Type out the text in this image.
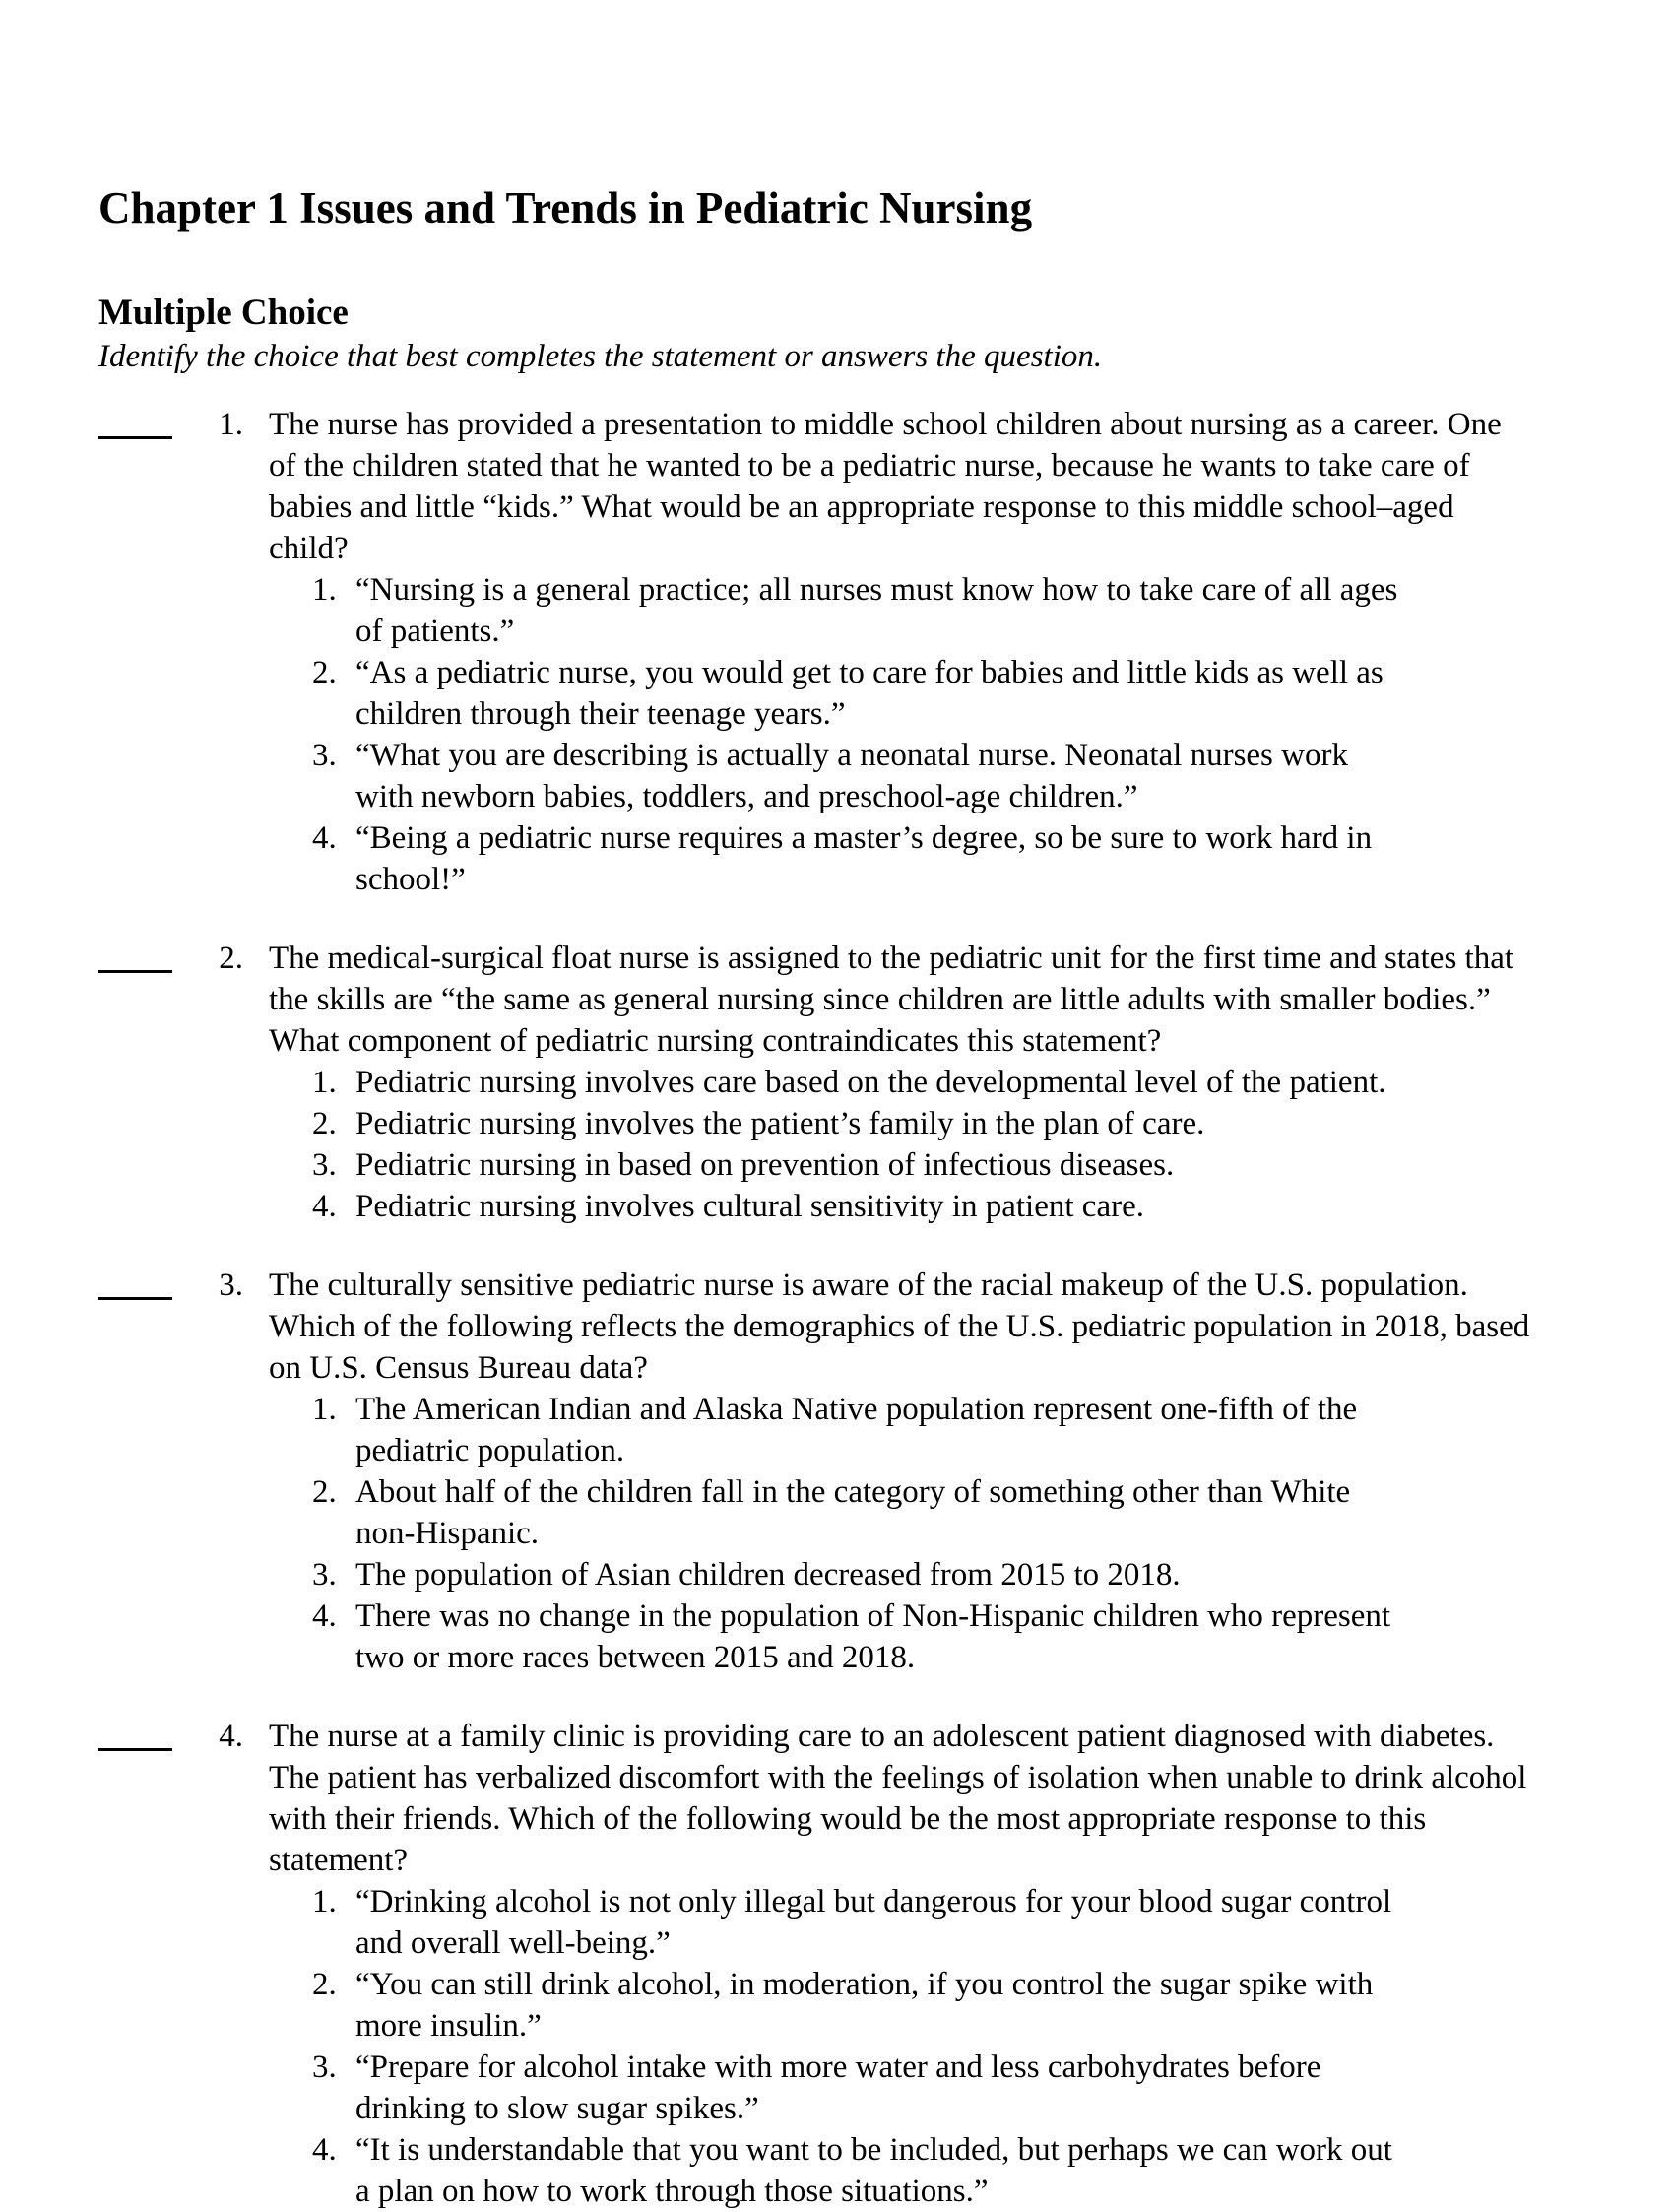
Chapter 1 Issues and Trends in Pediatric Nursing
Multiple Choice

Identify the choice that best completes the statement or answers the question.

1. The nurse has provided a presentation to middle school children about nursing as a career. One of the children stated that he wanted to be a pediatric nurse, because he wants to take care of babies and little “kids.” What would be an appropriate response to this middle school–aged child?
1. “Nursing is a general practice; all nurses must know how to take care of all ages of patients.”
2. “As a pediatric nurse, you would get to care for babies and little kids as well as children through their teenage years.”
3. “What you are describing is actually a neonatal nurse. Neonatal nurses work with newborn babies, toddlers, and preschool-age children.”
4. “Being a pediatric nurse requires a master’s degree, so be sure to work hard in school!”
2. The medical-surgical float nurse is assigned to the pediatric unit for the first time and states that the skills are “the same as general nursing since children are little adults with smaller bodies.” What component of pediatric nursing contraindicates this statement?
1. Pediatric nursing involves care based on the developmental level of the patient.
2. Pediatric nursing involves the patient’s family in the plan of care.
3. Pediatric nursing in based on prevention of infectious diseases.
4. Pediatric nursing involves cultural sensitivity in patient care.
3. The culturally sensitive pediatric nurse is aware of the racial makeup of the U.S. population. Which of the following reflects the demographics of the U.S. pediatric population in 2018, based on U.S. Census Bureau data?
1. The American Indian and Alaska Native population represent one-fifth of the pediatric population.
2. About half of the children fall in the category of something other than White non-Hispanic.
3. The population of Asian children decreased from 2015 to 2018.
4. There was no change in the population of Non-Hispanic children who represent two or more races between 2015 and 2018.
4. The nurse at a family clinic is providing care to an adolescent patient diagnosed with diabetes. The patient has verbalized discomfort with the feelings of isolation when unable to drink alcohol with their friends. Which of the following would be the most appropriate response to this statement?
1. “Drinking alcohol is not only illegal but dangerous for your blood sugar control and overall well-being.”
2. “You can still drink alcohol, in moderation, if you control the sugar spike with more insulin.”
3. “Prepare for alcohol intake with more water and less carbohydrates before drinking to slow sugar spikes.”
4. “It is understandable that you want to be included, but perhaps we can work out a plan on how to work through those situations.”
